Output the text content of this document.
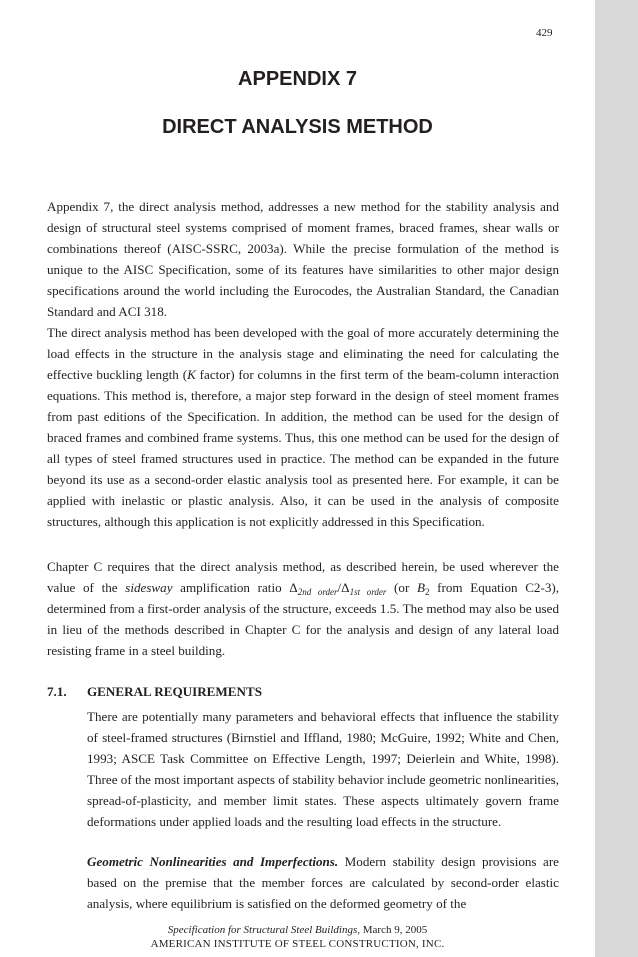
429
APPENDIX 7
DIRECT ANALYSIS METHOD

Appendix 7, the direct analysis method, addresses a new method for the stability analysis and design of structural steel systems comprised of moment frames, braced frames, shear walls or combinations thereof (AISC-SSRC, 2003a). While the precise formulation of the method is unique to the AISC Specification, some of its features have similarities to other major design specifications around the world including the Eurocodes, the Australian Standard, the Canadian Standard and ACI 318.

The direct analysis method has been developed with the goal of more accurately determining the load effects in the structure in the analysis stage and eliminating the need for calculating the effective buckling length (K factor) for columns in the first term of the beam-column interaction equations. This method is, therefore, a major step forward in the design of steel moment frames from past editions of the Specification. In addition, the method can be used for the design of braced frames and combined frame systems. Thus, this one method can be used for the design of all types of steel framed structures used in practice. The method can be expanded in the future beyond its use as a second-order elastic analysis tool as presented here. For example, it can be applied with inelastic or plastic analysis. Also, it can be used in the analysis of composite structures, although this application is not explicitly addressed in this Specification.

Chapter C requires that the direct analysis method, as described herein, be used wherever the value of the sidesway amplification ratio $\Delta_{2nd order}/\Delta_{1st order}$ (or $B_2$ from Equation C2-3), determined from a first-order analysis of the structure, exceeds 1.5. The method may also be used in lieu of the methods described in Chapter C for the analysis and design of any lateral load resisting frame in a steel building.

7.1. GENERAL REQUIREMENTS

There are potentially many parameters and behavioral effects that influence the stability of steel-framed structures (Birnstiel and Iffland, 1980; McGuire, 1992; White and Chen, 1993; ASCE Task Committee on Effective Length, 1997; Deierlein and White, 1998). Three of the most important aspects of stability behavior include geometric nonlinearities, spread-of-plasticity, and member limit states. These aspects ultimately govern frame deformations under applied loads and the resulting load effects in the structure.

Geometric Nonlinearities and Imperfections. Modern stability design provisions are based on the premise that the member forces are calculated by second-order elastic analysis, where equilibrium is satisfied on the deformed geometry of the

Specification for Structural Steel Buildings, March 9, 2005
AMERICAN INSTITUTE OF STEEL CONSTRUCTION, INC.
